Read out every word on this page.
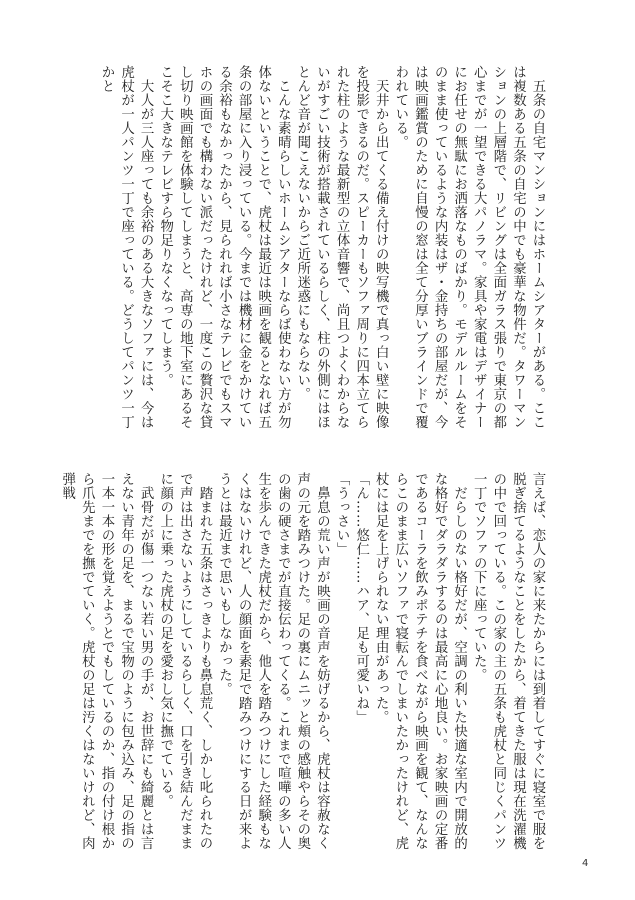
　五条の自宅マンションにはホームシアターがある。ここは複数ある五条の自宅の中でも豪華な物件だ。タワーマンションの上層階で、リビングは全面ガラス張りで東京の都心までが一望できる大パノラマ。家具や家電はデザイナーにお任せの無駄にお洒落なものばかり。モデルルームをそのまま使っているような内装はザ・金持ちの部屋だが、今は映画鑑賞のために自慢の窓は全て分厚いブラインドで覆われている。

　天井から出てくる備え付けの映写機で真っ白い壁に映像を投影できるのだ。スピーカーもソファ周りに四本立てられた柱のような最新型の立体音響で、尚且つよくわからないがすごい技術が搭載されているらしく、柱の外側にはほとんど音が聞こえないからご近所迷惑にもならない。

　こんな素晴らしいホームシアターならば使わない方が勿体ないということで、虎杖は最近は映画を観るとなれば五条の部屋に入り浸っている。今までは機材に金をかけている余裕もなかったから、見られれば小さなテレビでもスマホの画面でも構わない派だったけれど、一度この贅沢な貸し切り映画館を体験してしまうと、高専の地下室にあるそこそこ大きなテレビすら物足りなくなってしまう。

　大人が三人座っても余裕のある大きなソファには、今は虎杖が一人パンツ一丁で座っている。どうしてパンツ一丁かと

言えば、恋人の家に来たからには到着してすぐに寝室で服を脱ぎ捨てるようなことをしたから、着てきた服は現在洗濯機の中で回っている。この家の主の五条も虎杖と同じくパンツ一丁でソファの下に座っていた。

　だらしのない格好だが、空調の利いた快適な室内で開放的な格好でダラダラするのは最高に心地良い。お家映画の定番であるコーラを飲みポテチを食べながら映画を観て、なんならこのまま広いソファで寝転んでしまいたかったけれど、虎杖には足を上げられない理由があった。

「ん……悠仁……ハア、足も可愛いね」

「うっさい」

　鼻息の荒い声が映画の音声を妨げるから、虎杖は容赦なく声の元を踏みつけた。足の裏にムニッと頬の感触やらその奥の歯の硬さまでが直接伝わってくる。これまで喧嘩の多い人生を歩んできた虎杖だから、他人を踏みつけにした経験もなくはないけれど、人の顔面を素足で踏みつけにする日が来ようとは最近まで思いもしなかった。

　踏まれた五条はさっきよりも鼻息荒く、しかし叱られたので声は出さないようにしているらしく、口を引き結んだままに顔の上に乗った虎杖の足を愛おし気に撫でている。

　武骨だが傷一つない若い男の手が、お世辞にも綺麗とは言えない青年の足を、まるで宝物のように包み込み、足の指の一本一本の形を覚えようとでもしているのか、指の付け根から爪先までを撫でていく。虎杖の足は汚くはないけれど、肉弾戦

4
